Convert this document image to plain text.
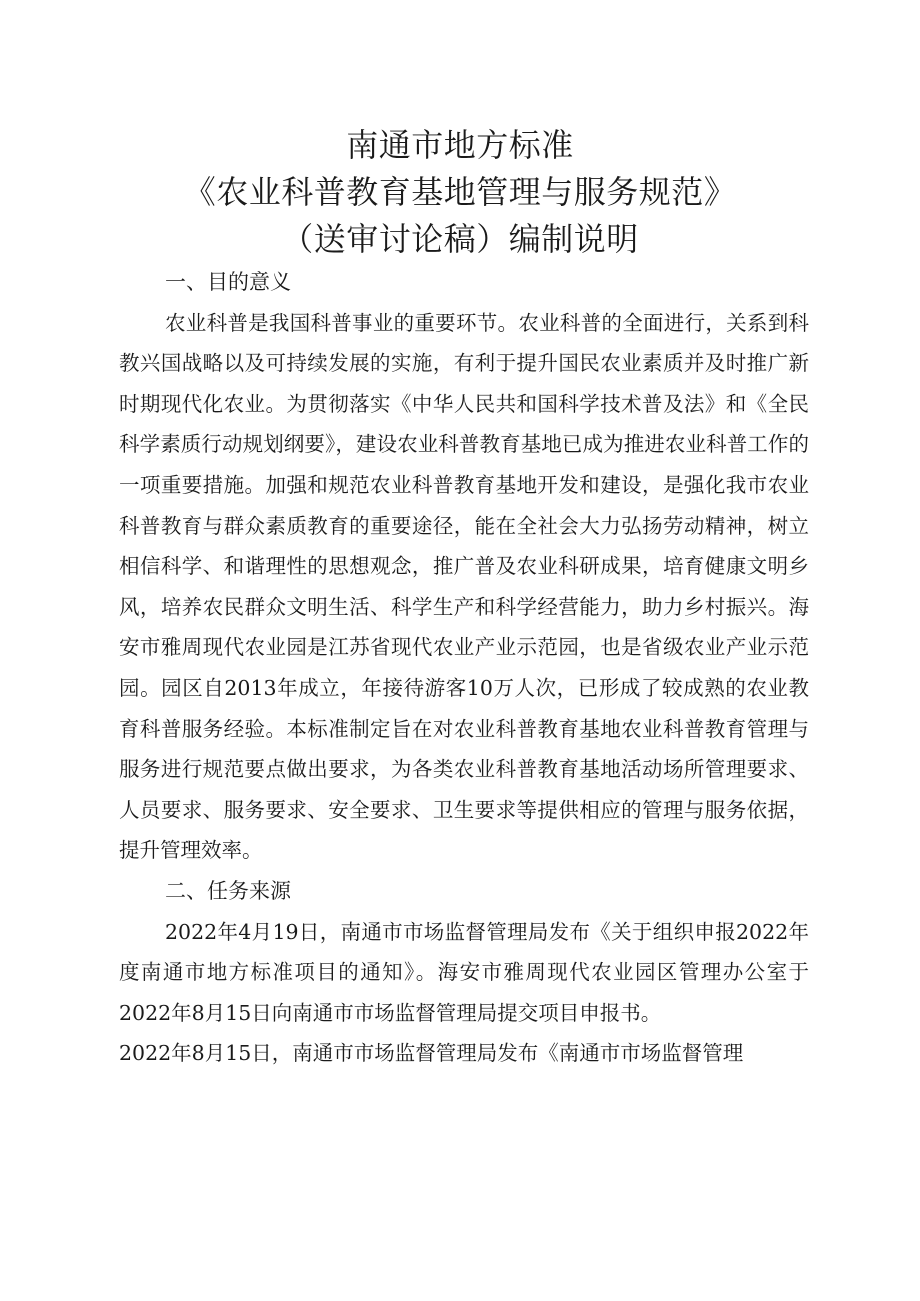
南通市地方标准
《农业科普教育基地管理与服务规范》
（送审讨论稿）编制说明
一、目的意义

农业科普是我国科普事业的重要环节。农业科普的全面进行，关系到科教兴国战略以及可持续发展的实施，有利于提升国民农业素质并及时推广新时期现代化农业。为贯彻落实《中华人民共和国科学技术普及法》和《全民科学素质行动规划纲要》，建设农业科普教育基地已成为推进农业科普工作的一项重要措施。加强和规范农业科普教育基地开发和建设，是强化我市农业科普教育与群众素质教育的重要途径，能在全社会大力弘扬劳动精神，树立相信科学、和谐理性的思想观念，推广普及农业科研成果，培育健康文明乡风，培养农民群众文明生活、科学生产和科学经营能力，助力乡村振兴。海安市雅周现代农业园是江苏省现代农业产业示范园，也是省级农业产业示范园。园区自2013年成立，年接待游客10万人次，已形成了较成熟的农业教育科普服务经验。本标准制定旨在对农业科普教育基地农业科普教育管理与服务进行规范要点做出要求，为各类农业科普教育基地活动场所管理要求、人员要求、服务要求、安全要求、卫生要求等提供相应的管理与服务依据，提升管理效率。

二、任务来源

2022年4月19日，南通市市场监督管理局发布《关于组织申报2022年度南通市地方标准项目的通知》。海安市雅周现代农业园区管理办公室于2022年8月15日向南通市市场监督管理局提交项目申报书。

2022年8月15日，南通市市场监督管理局发布《南通市市场监督管理
